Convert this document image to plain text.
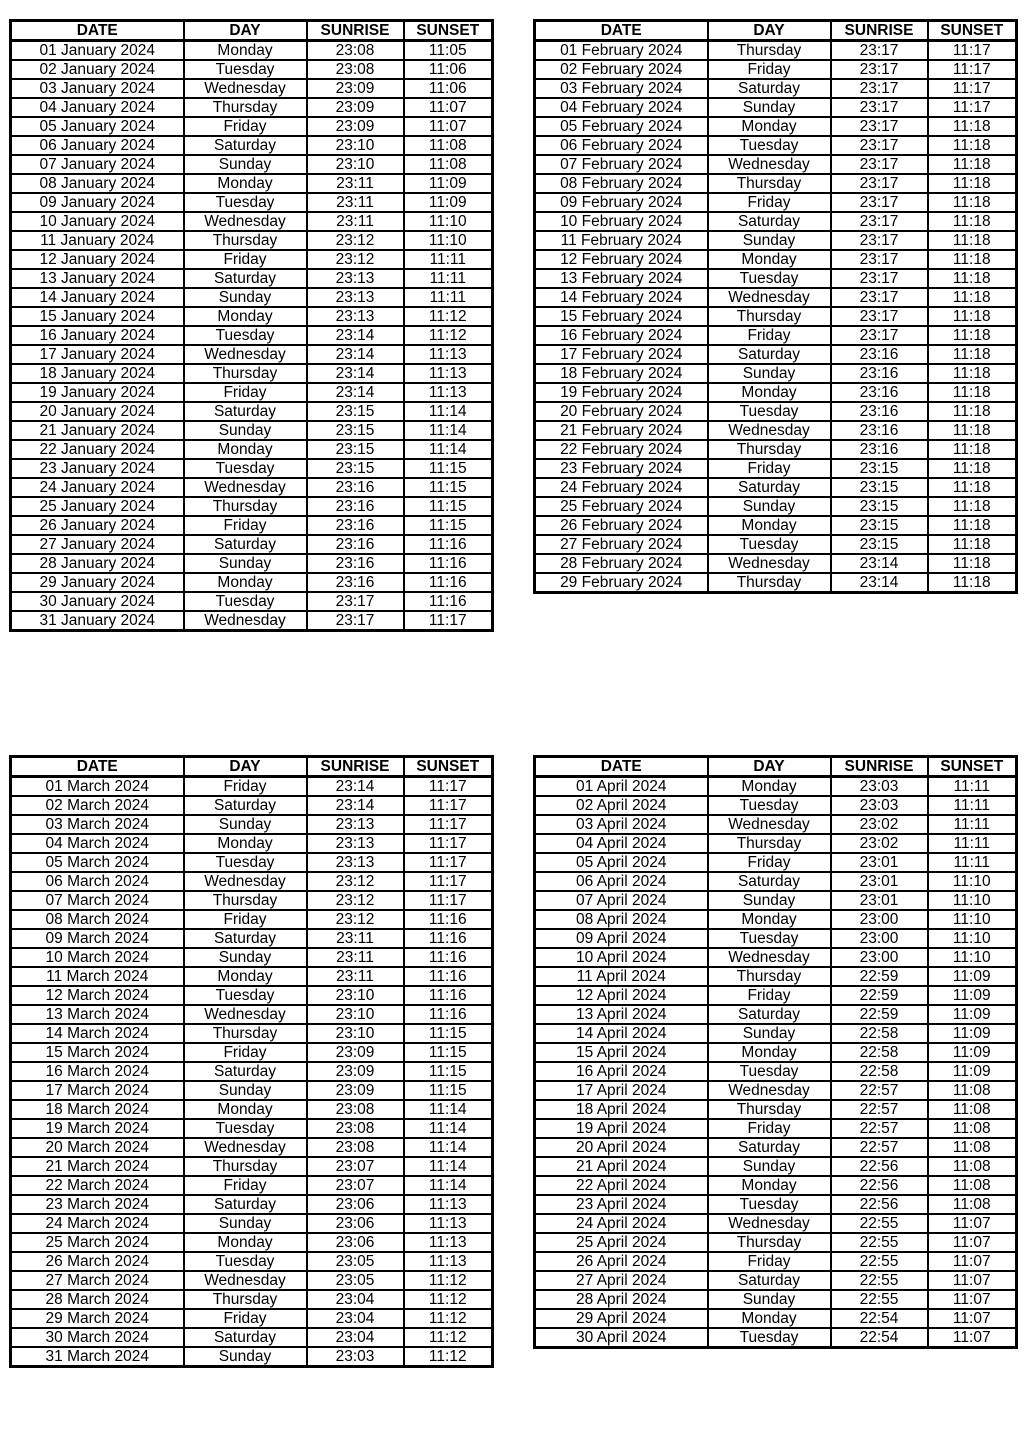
DATE	DAY	SUNRISE	SUNSET
01 January 2024	Monday	23:08	11:05
02 January 2024	Tuesday	23:08	11:06
03 January 2024	Wednesday	23:09	11:06
04 January 2024	Thursday	23:09	11:07
05 January 2024	Friday	23:09	11:07
06 January 2024	Saturday	23:10	11:08
07 January 2024	Sunday	23:10	11:08
08 January 2024	Monday	23:11	11:09
09 January 2024	Tuesday	23:11	11:09
10 January 2024	Wednesday	23:11	11:10
11 January 2024	Thursday	23:12	11:10
12 January 2024	Friday	23:12	11:11
13 January 2024	Saturday	23:13	11:11
14 January 2024	Sunday	23:13	11:11
15 January 2024	Monday	23:13	11:12
16 January 2024	Tuesday	23:14	11:12
17 January 2024	Wednesday	23:14	11:13
18 January 2024	Thursday	23:14	11:13
19 January 2024	Friday	23:14	11:13
20 January 2024	Saturday	23:15	11:14
21 January 2024	Sunday	23:15	11:14
22 January 2024	Monday	23:15	11:14
23 January 2024	Tuesday	23:15	11:15
24 January 2024	Wednesday	23:16	11:15
25 January 2024	Thursday	23:16	11:15
26 January 2024	Friday	23:16	11:15
27 January 2024	Saturday	23:16	11:16
28 January 2024	Sunday	23:16	11:16
29 January 2024	Monday	23:16	11:16
30 January 2024	Tuesday	23:17	11:16
31 January 2024	Wednesday	23:17	11:17
DATE	DAY	SUNRISE	SUNSET
01 February 2024	Thursday	23:17	11:17
02 February 2024	Friday	23:17	11:17
03 February 2024	Saturday	23:17	11:17
04 February 2024	Sunday	23:17	11:17
05 February 2024	Monday	23:17	11:18
06 February 2024	Tuesday	23:17	11:18
07 February 2024	Wednesday	23:17	11:18
08 February 2024	Thursday	23:17	11:18
09 February 2024	Friday	23:17	11:18
10 February 2024	Saturday	23:17	11:18
11 February 2024	Sunday	23:17	11:18
12 February 2024	Monday	23:17	11:18
13 February 2024	Tuesday	23:17	11:18
14 February 2024	Wednesday	23:17	11:18
15 February 2024	Thursday	23:17	11:18
16 February 2024	Friday	23:17	11:18
17 February 2024	Saturday	23:16	11:18
18 February 2024	Sunday	23:16	11:18
19 February 2024	Monday	23:16	11:18
20 February 2024	Tuesday	23:16	11:18
21 February 2024	Wednesday	23:16	11:18
22 February 2024	Thursday	23:16	11:18
23 February 2024	Friday	23:15	11:18
24 February 2024	Saturday	23:15	11:18
25 February 2024	Sunday	23:15	11:18
26 February 2024	Monday	23:15	11:18
27 February 2024	Tuesday	23:15	11:18
28 February 2024	Wednesday	23:14	11:18
29 February 2024	Thursday	23:14	11:18
DATE	DAY	SUNRISE	SUNSET
01 March 2024	Friday	23:14	11:17
02 March 2024	Saturday	23:14	11:17
03 March 2024	Sunday	23:13	11:17
04 March 2024	Monday	23:13	11:17
05 March 2024	Tuesday	23:13	11:17
06 March 2024	Wednesday	23:12	11:17
07 March 2024	Thursday	23:12	11:17
08 March 2024	Friday	23:12	11:16
09 March 2024	Saturday	23:11	11:16
10 March 2024	Sunday	23:11	11:16
11 March 2024	Monday	23:11	11:16
12 March 2024	Tuesday	23:10	11:16
13 March 2024	Wednesday	23:10	11:16
14 March 2024	Thursday	23:10	11:15
15 March 2024	Friday	23:09	11:15
16 March 2024	Saturday	23:09	11:15
17 March 2024	Sunday	23:09	11:15
18 March 2024	Monday	23:08	11:14
19 March 2024	Tuesday	23:08	11:14
20 March 2024	Wednesday	23:08	11:14
21 March 2024	Thursday	23:07	11:14
22 March 2024	Friday	23:07	11:14
23 March 2024	Saturday	23:06	11:13
24 March 2024	Sunday	23:06	11:13
25 March 2024	Monday	23:06	11:13
26 March 2024	Tuesday	23:05	11:13
27 March 2024	Wednesday	23:05	11:12
28 March 2024	Thursday	23:04	11:12
29 March 2024	Friday	23:04	11:12
30 March 2024	Saturday	23:04	11:12
31 March 2024	Sunday	23:03	11:12
DATE	DAY	SUNRISE	SUNSET
01 April 2024	Monday	23:03	11:11
02 April 2024	Tuesday	23:03	11:11
03 April 2024	Wednesday	23:02	11:11
04 April 2024	Thursday	23:02	11:11
05 April 2024	Friday	23:01	11:11
06 April 2024	Saturday	23:01	11:10
07 April 2024	Sunday	23:01	11:10
08 April 2024	Monday	23:00	11:10
09 April 2024	Tuesday	23:00	11:10
10 April 2024	Wednesday	23:00	11:10
11 April 2024	Thursday	22:59	11:09
12 April 2024	Friday	22:59	11:09
13 April 2024	Saturday	22:59	11:09
14 April 2024	Sunday	22:58	11:09
15 April 2024	Monday	22:58	11:09
16 April 2024	Tuesday	22:58	11:09
17 April 2024	Wednesday	22:57	11:08
18 April 2024	Thursday	22:57	11:08
19 April 2024	Friday	22:57	11:08
20 April 2024	Saturday	22:57	11:08
21 April 2024	Sunday	22:56	11:08
22 April 2024	Monday	22:56	11:08
23 April 2024	Tuesday	22:56	11:08
24 April 2024	Wednesday	22:55	11:07
25 April 2024	Thursday	22:55	11:07
26 April 2024	Friday	22:55	11:07
27 April 2024	Saturday	22:55	11:07
28 April 2024	Sunday	22:55	11:07
29 April 2024	Monday	22:54	11:07
30 April 2024	Tuesday	22:54	11:07
